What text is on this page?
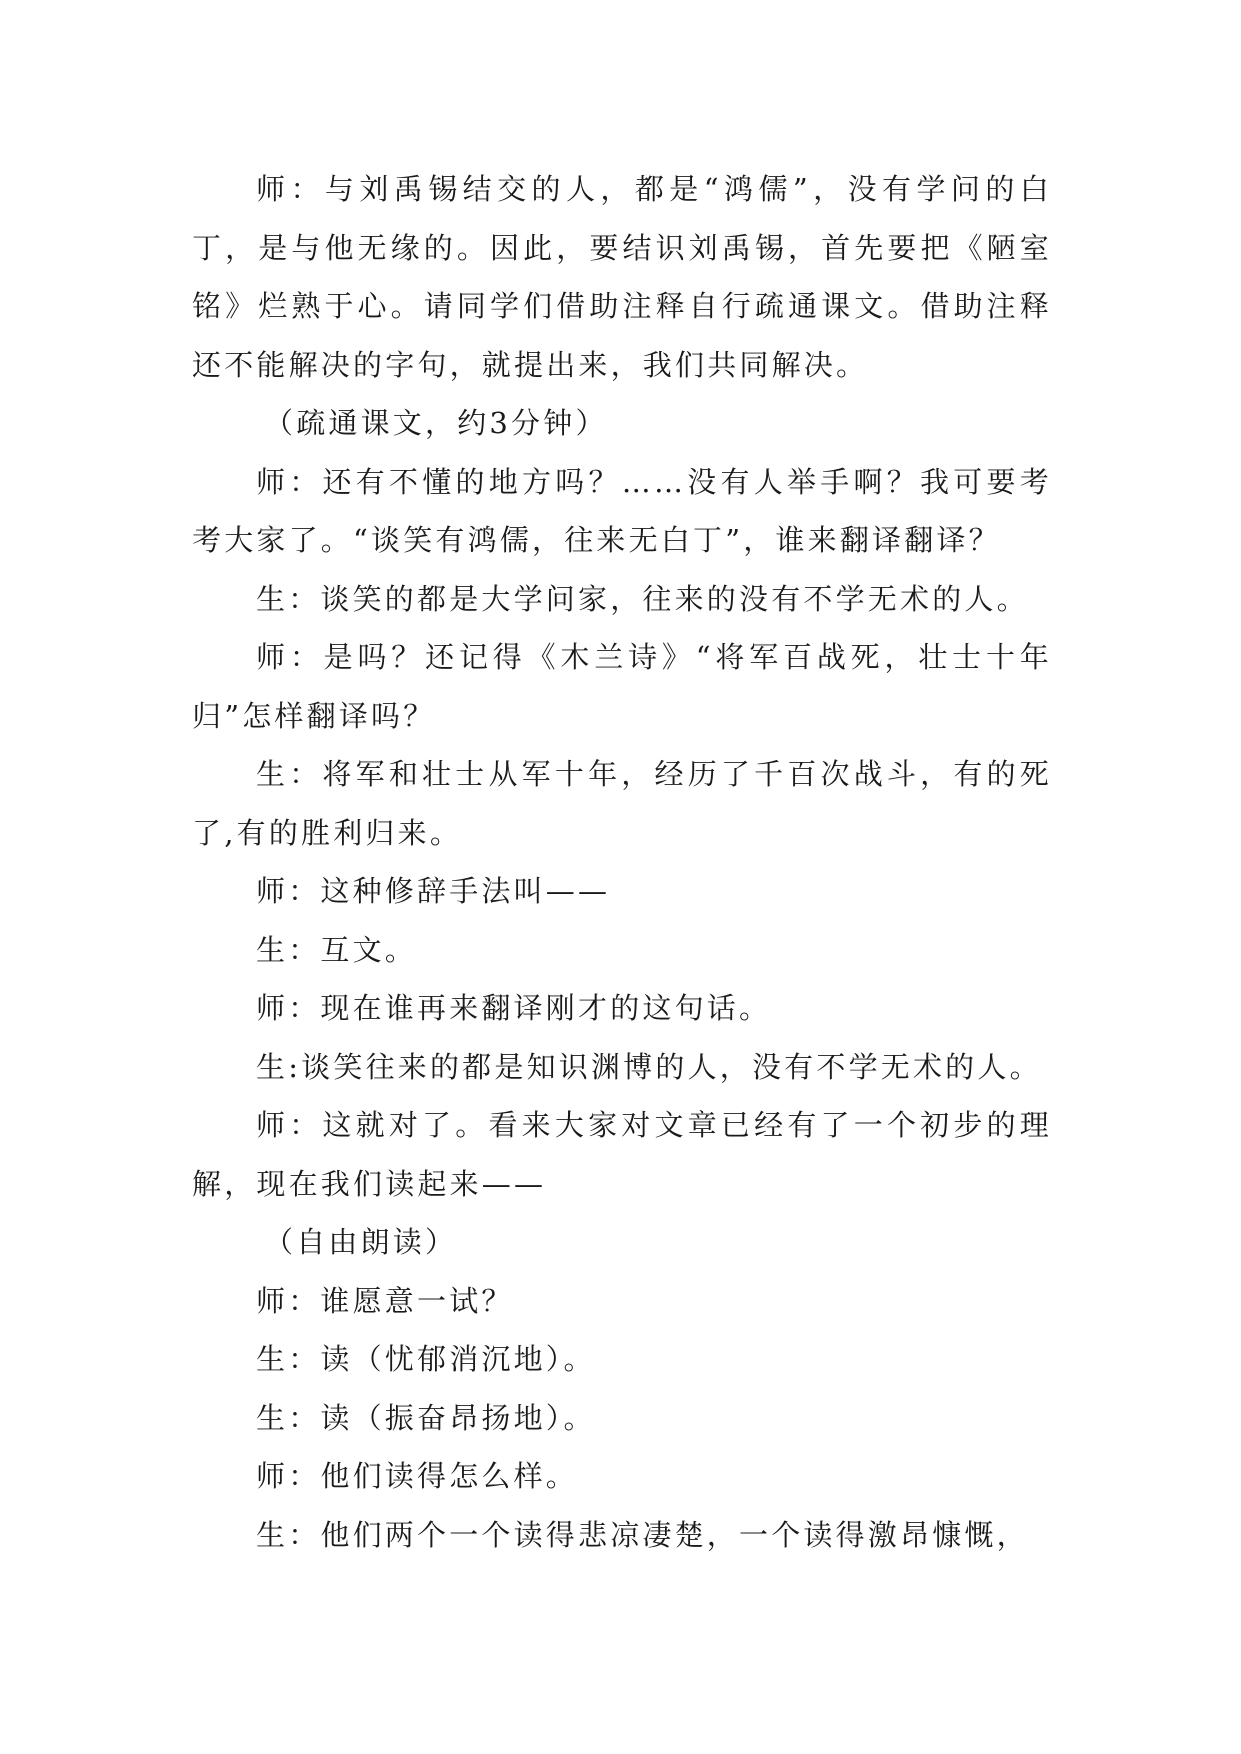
师：与刘禹锡结交的人，都是“鸿儒”，没有学问的白丁，是与他无缘的。因此，要结识刘禹锡，首先要把《陋室铭》烂熟于心。请同学们借助注释自行疏通课文。借助注释还不能解决的字句，就提出来，我们共同解决。

（疏通课文，约3分钟）

师：还有不懂的地方吗？……没有人举手啊？我可要考考大家了。“谈笑有鸿儒，往来无白丁”，谁来翻译翻译？

生：谈笑的都是大学问家，往来的没有不学无术的人。

师：是吗？还记得《木兰诗》“将军百战死，壮士十年归”怎样翻译吗？

生：将军和壮士从军十年，经历了千百次战斗，有的死了,有的胜利归来。

师：这种修辞手法叫——

生：互文。

师：现在谁再来翻译刚才的这句话。

生:谈笑往来的都是知识渊博的人，没有不学无术的人。

师：这就对了。看来大家对文章已经有了一个初步的理解，现在我们读起来——

（自由朗读）

师：谁愿意一试？

生：读（忧郁消沉地）。

生：读（振奋昂扬地）。

师：他们读得怎么样。

生：他们两个一个读得悲凉凄楚，一个读得激昂慷慨，
